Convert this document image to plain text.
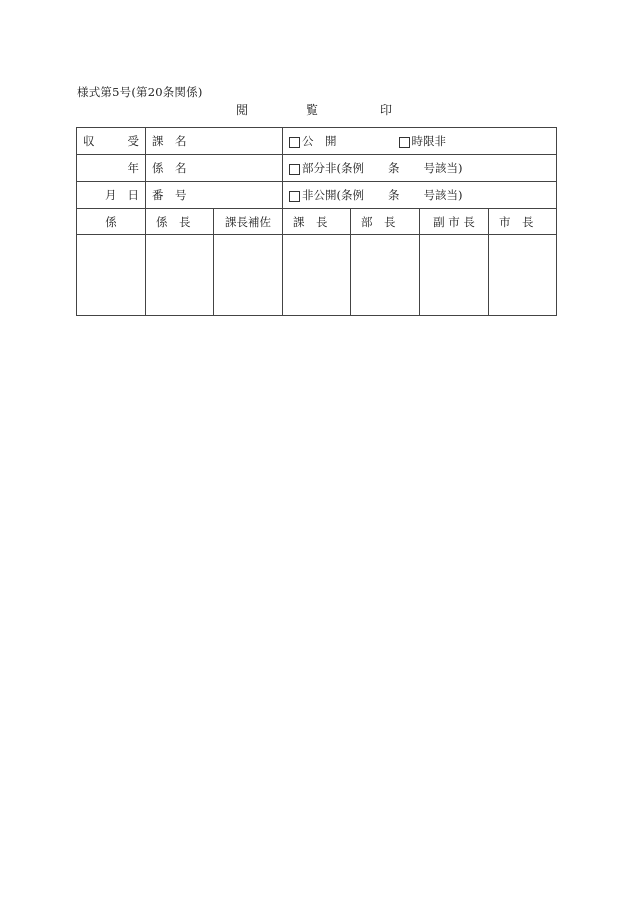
様式第5号(第20条関係)
閲	覧	印
収 受	課　名		公　開 時限非			

年	係　名		部分非(条例 条 号該当)			

月 日	番　号		非公開(条例 条 号該当)			

係	係　長	課長補佐	課　長	部　長	副 市 長	市　長
